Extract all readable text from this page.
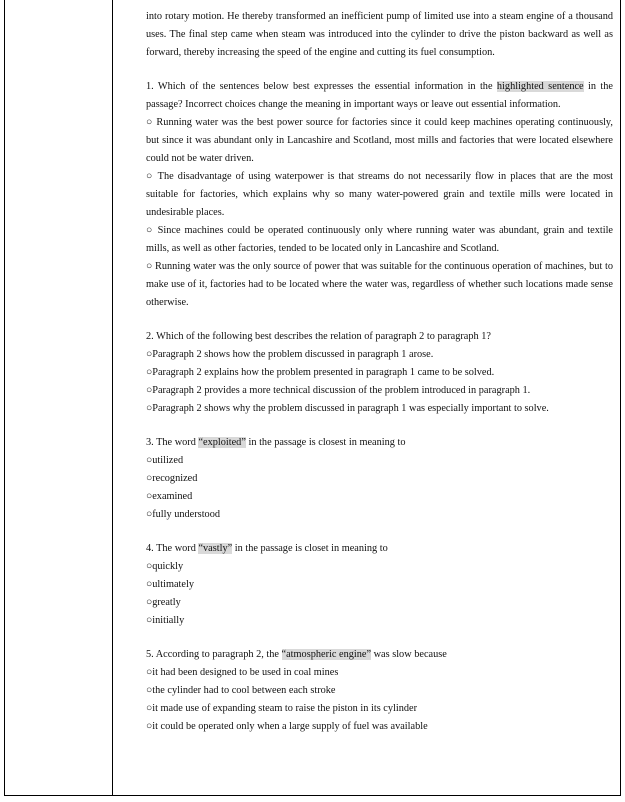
into rotary motion. He thereby transformed an inefficient pump of limited use into a steam engine of a thousand uses. The final step came when steam was introduced into the cylinder to drive the piston backward as well as forward, thereby increasing the speed of the engine and cutting its fuel consumption.

1. Which of the sentences below best expresses the essential information in the highlighted sentence in the passage? Incorrect choices change the meaning in important ways or leave out essential information.

○ Running water was the best power source for factories since it could keep machines operating continuously, but since it was abundant only in Lancashire and Scotland, most mills and factories that were located elsewhere could not be water driven.
○ The disadvantage of using waterpower is that streams do not necessarily flow in places that are the most suitable for factories, which explains why so many water-powered grain and textile mills were located in undesirable places.
○ Since machines could be operated continuously only where running water was abundant, grain and textile mills, as well as other factories, tended to be located only in Lancashire and Scotland.
○ Running water was the only source of power that was suitable for the continuous operation of machines, but to make use of it, factories had to be located where the water was, regardless of whether such locations made sense otherwise.

2. Which of the following best describes the relation of paragraph 2 to paragraph 1?

○Paragraph 2 shows how the problem discussed in paragraph 1 arose.
○Paragraph 2 explains how the problem presented in paragraph 1 came to be solved.
○Paragraph 2 provides a more technical discussion of the problem introduced in paragraph 1.
○Paragraph 2 shows why the problem discussed in paragraph 1 was especially important to solve.

3. The word “exploited” in the passage is closest in meaning to

○utilized
○recognized
○examined
○fully understood

4. The word “vastly” in the passage is closet in meaning to

○quickly
○ultimately
○greatly
○initially

5. According to paragraph 2, the “atmospheric engine” was slow because

○it had been designed to be used in coal mines
○the cylinder had to cool between each stroke
○it made use of expanding steam to raise the piston in its cylinder
○it could be operated only when a large supply of fuel was available
